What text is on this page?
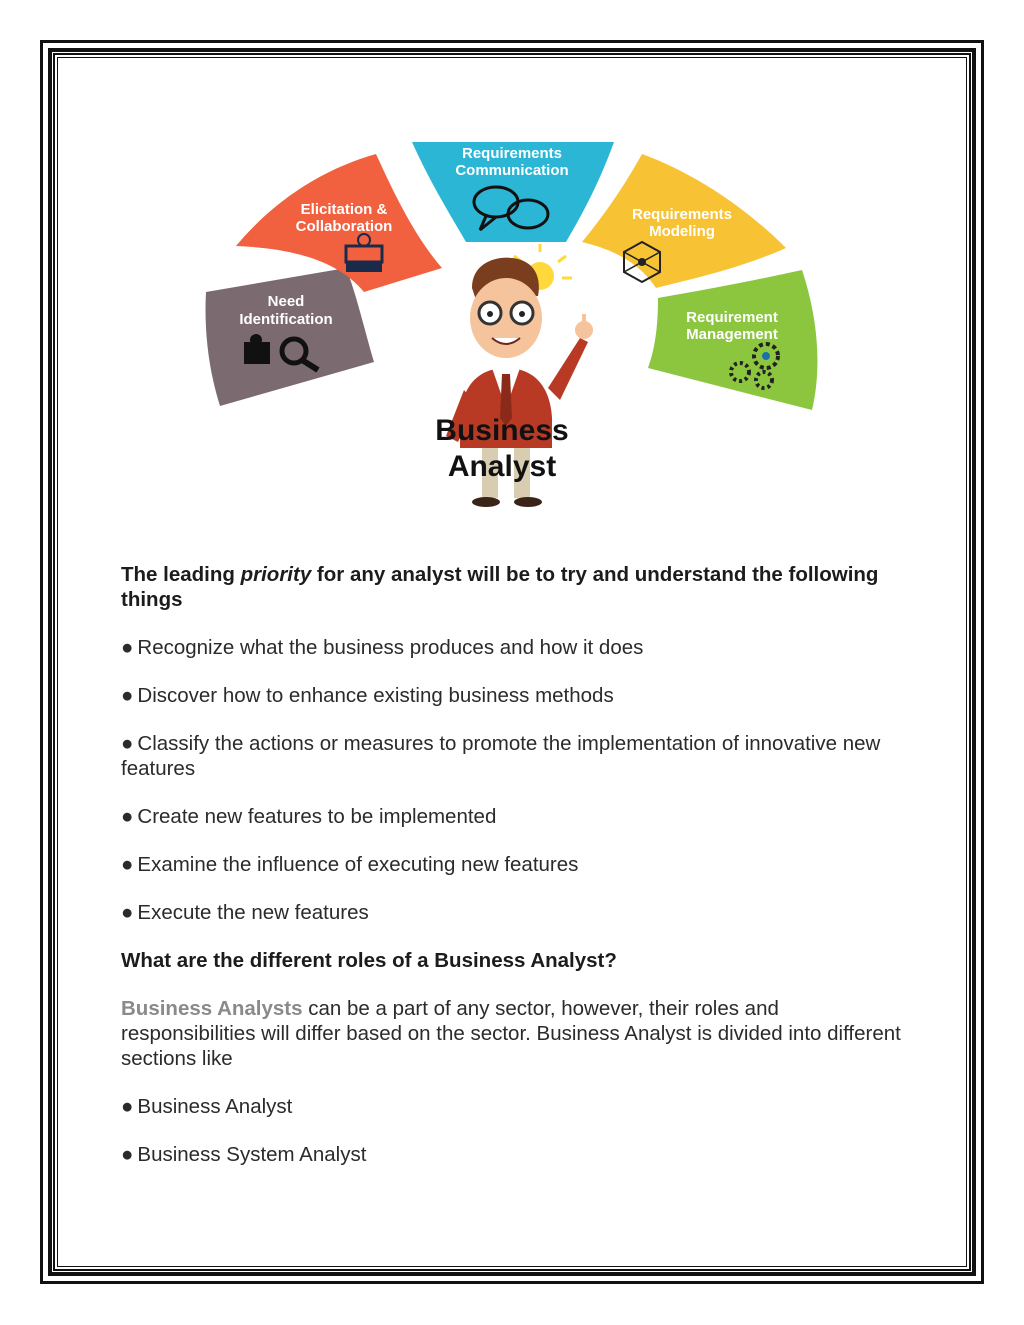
Need
Identification
Elicitation &
Collaboration
Requirements
Communication
Requirements
Modeling
Requirement
Management
Business
Analyst

The leading priority for any analyst will be to try and understand the following things

● Recognize what the business produces and how it does

● Discover how to enhance existing business methods

● Classify the actions or measures to promote the implementation of innovative new features

● Create new features to be implemented

● Examine the influence of executing new features

● Execute the new features

What are the different roles of a Business Analyst?

Business Analysts can be a part of any sector, however, their roles and responsibilities will differ based on the sector. Business Analyst is divided into different sections like

● Business Analyst

● Business System Analyst
